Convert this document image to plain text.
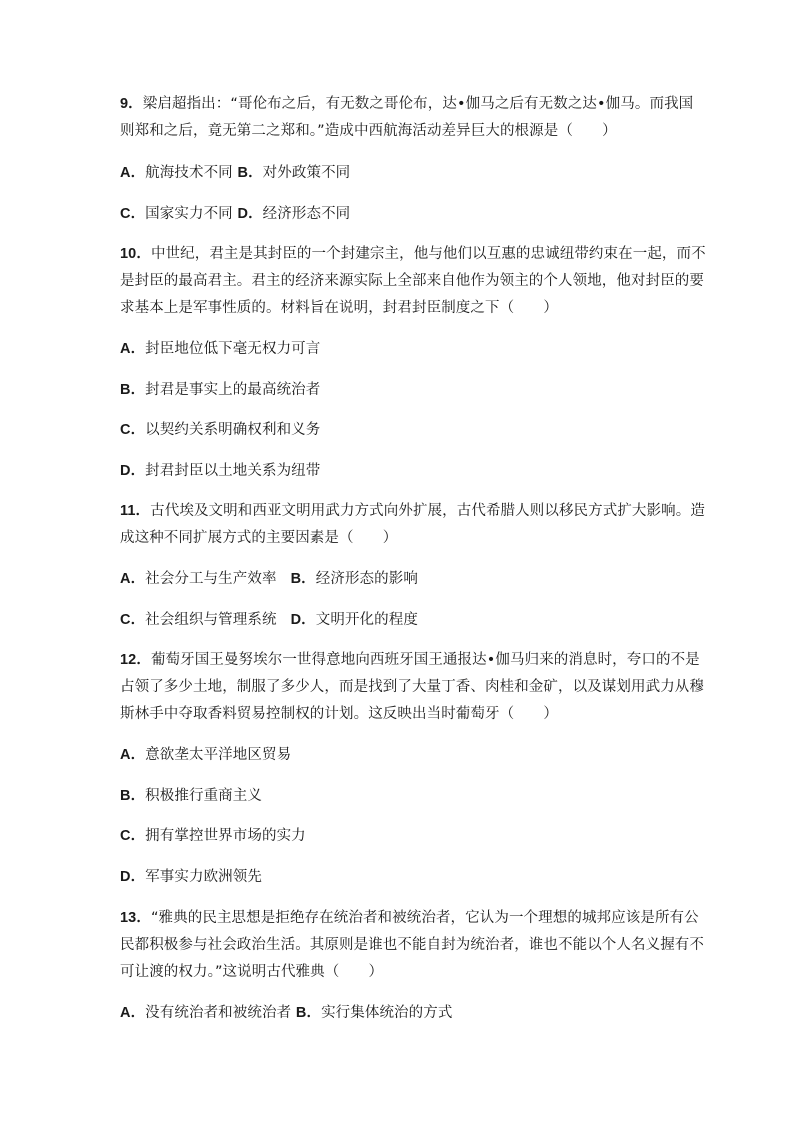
9．梁启超指出：“哥伦布之后，有无数之哥伦布，达•伽马之后有无数之达•伽马。而我国
则郑和之后，竟无第二之郑和。”造成中西航海活动差异巨大的根源是（　　）
A．航海技术不同 B．对外政策不同
C．国家实力不同 D．经济形态不同
10．中世纪，君主是其封臣的一个封建宗主，他与他们以互惠的忠诚纽带约束在一起，而不
是封臣的最高君主。君主的经济来源实际上全部来自他作为领主的个人领地，他对封臣的要
求基本上是军事性质的。材料旨在说明，封君封臣制度之下（　　）
A．封臣地位低下毫无权力可言
B．封君是事实上的最高统治者
C．以契约关系明确权利和义务
D．封君封臣以土地关系为纽带
11．古代埃及文明和西亚文明用武力方式向外扩展，古代希腊人则以移民方式扩大影响。造
成这种不同扩展方式的主要因素是（　　）
A．社会分工与生产效率 B．经济形态的影响
C．社会组织与管理系统 D．文明开化的程度
12．葡萄牙国王曼努埃尔一世得意地向西班牙国王通报达•伽马归来的消息时，夸口的不是
占领了多少土地，制服了多少人，而是找到了大量丁香、肉桂和金矿，以及谋划用武力从穆
斯林手中夺取香料贸易控制权的计划。这反映出当时葡萄牙（　　）
A．意欲垄太平洋地区贸易
B．积极推行重商主义
C．拥有掌控世界市场的实力
D．军事实力欧洲领先
13．“雅典的民主思想是拒绝存在统治者和被统治者，它认为一个理想的城邦应该是所有公
民都积极参与社会政治生活。其原则是谁也不能自封为统治者，谁也不能以个人名义握有不
可让渡的权力。”这说明古代雅典（　　）
A．没有统治者和被统治者 B．实行集体统治的方式
